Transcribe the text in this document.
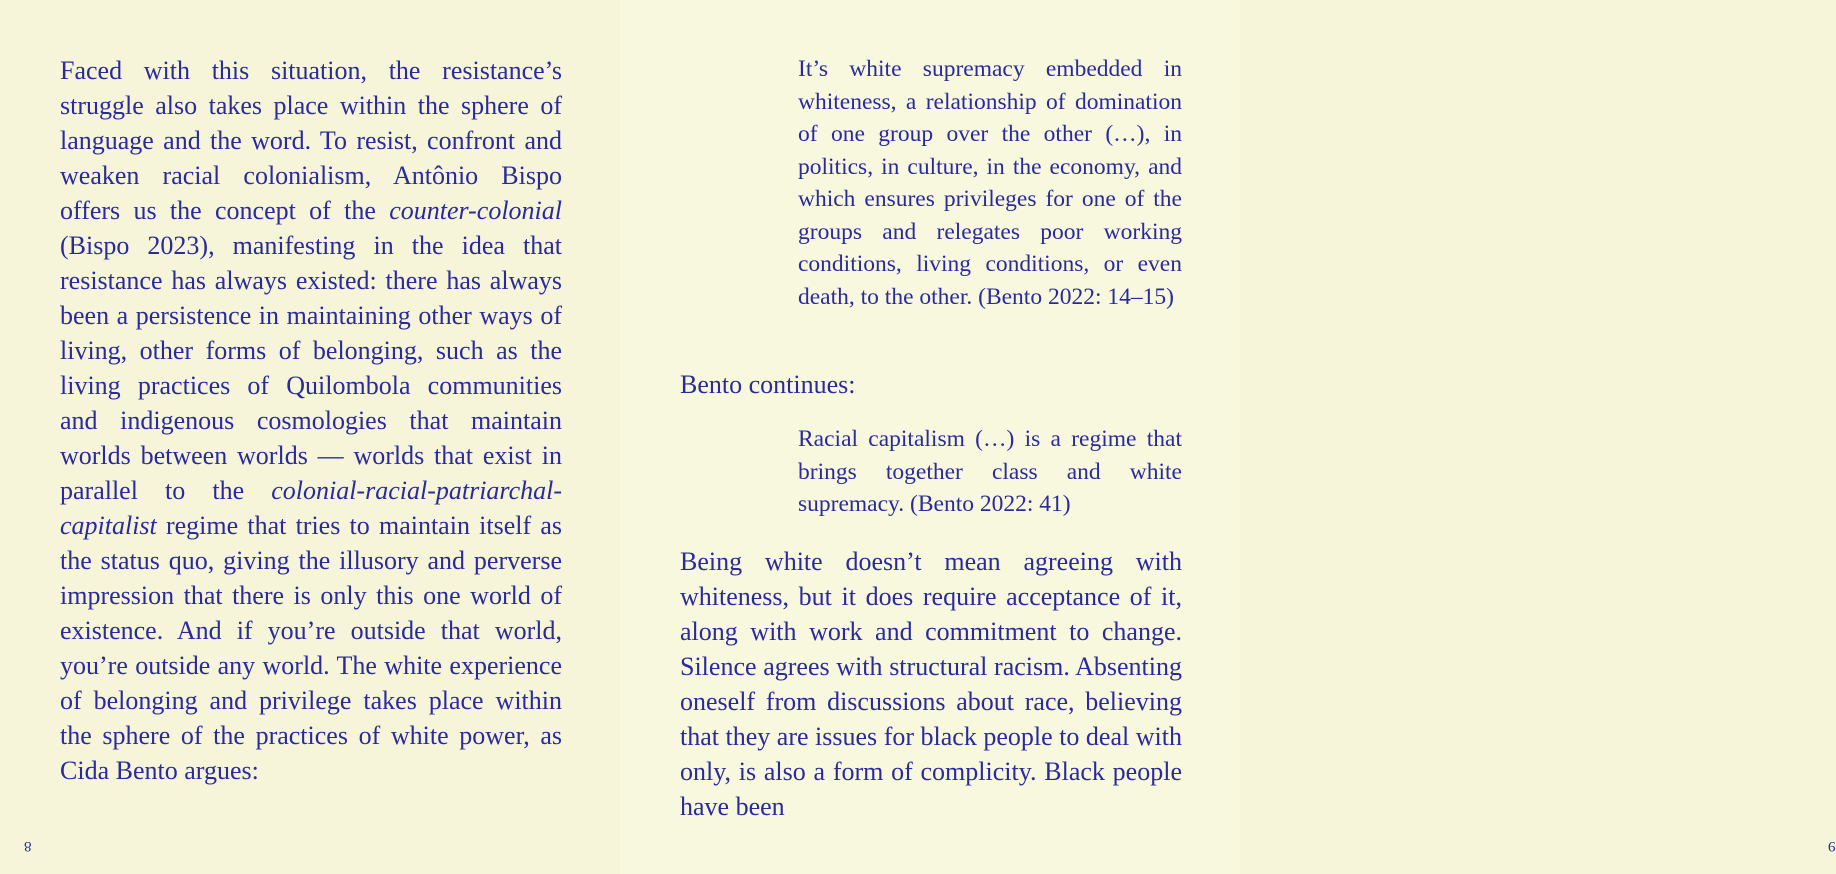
Faced with this situation, the resistance’s struggle also takes place within the sphere of language and the word. To resist, confront and weaken racial colonialism, Antônio Bispo offers us the concept of the counter-colonial (Bispo 2023), manifesting in the idea that resistance has always existed: there has always been a persistence in maintaining other ways of living, other forms of belonging, such as the living practices of Quilombola communities and indigenous cosmologies that maintain worlds between worlds — worlds that exist in parallel to the colonial-racial-patriarchal-capitalist regime that tries to maintain itself as the status quo, giving the illusory and perverse impression that there is only this one world of existence. And if you’re outside that world, you’re outside any world. The white experience of belonging and privilege takes place within the sphere of the practices of white power, as Cida Bento argues:

8

It’s white supremacy embedded in whiteness, a relationship of domination of one group over the other (…), in politics, in culture, in the economy, and which ensures privileges for one of the groups and relegates poor working conditions, living conditions, or even death, to the other. (Bento 2022: 14–15)

Bento continues:

Racial capitalism (…) is a regime that brings together class and white supremacy. (Bento 2022: 41)

Being white doesn’t mean agreeing with whiteness, but it does require acceptance of it, along with work and commitment to change. Silence agrees with structural racism. Absenting oneself from discussions about race, believing that they are issues for black people to deal with only, is also a form of complicity. Black people have been

9
